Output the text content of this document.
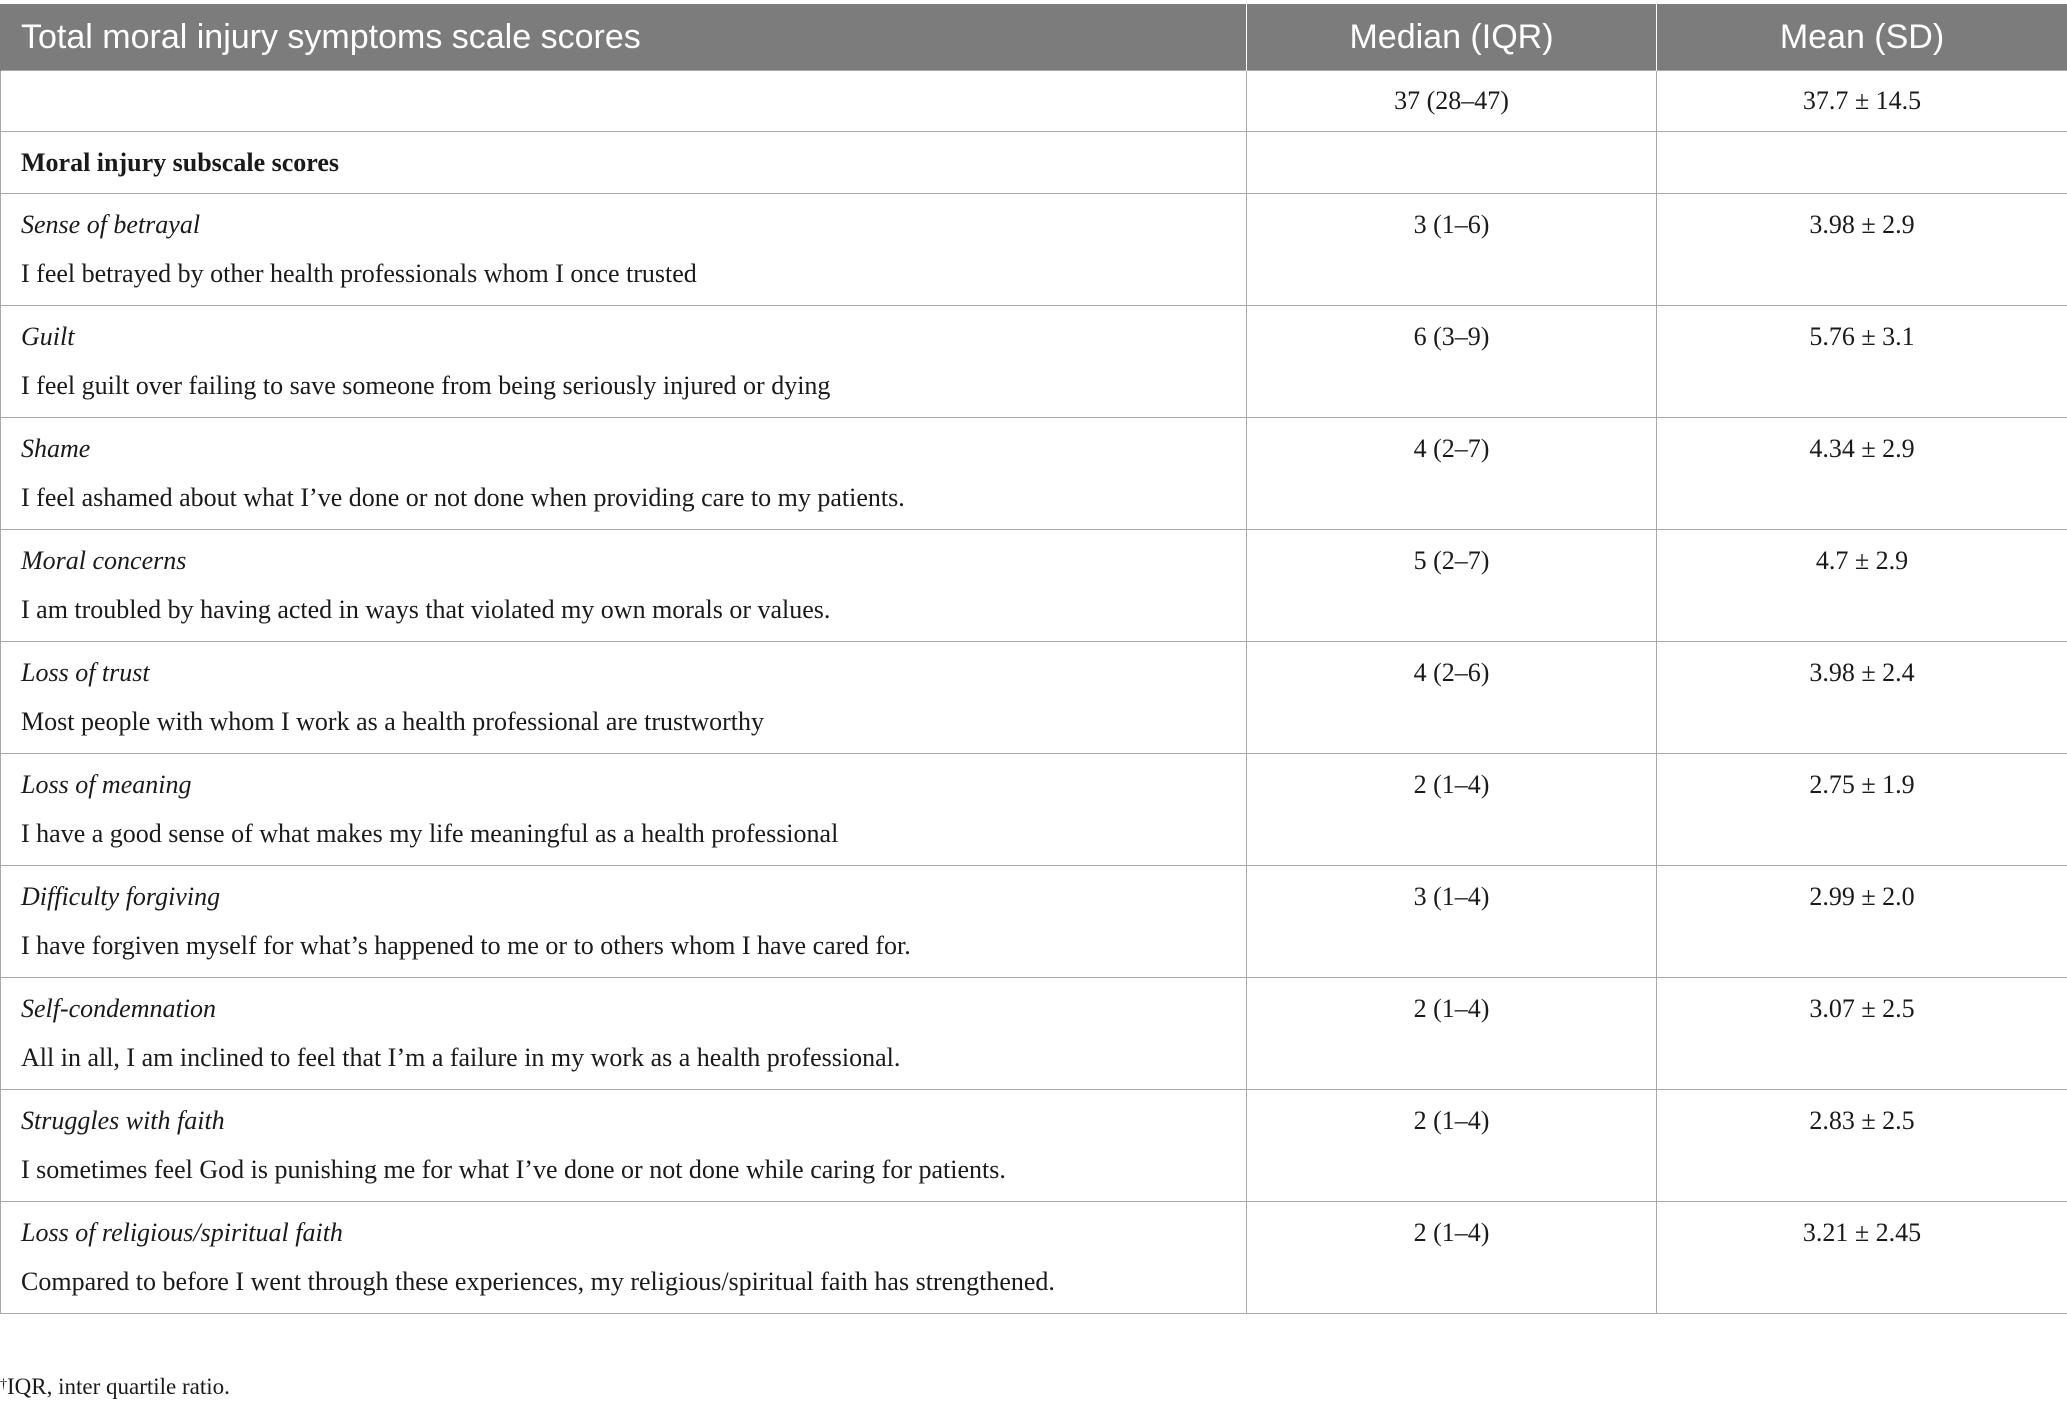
Total moral injury symptoms scale scores	Median (IQR)	Mean (SD)
	37 (28–47)	37.7 ± 14.5
Moral injury subscale scores		

Sense of betrayal
I feel betrayed by other health professionals whom I once trusted	3 (1–6)	3.98 ± 2.9

Guilt
I feel guilt over failing to save someone from being seriously injured or dying	6 (3–9)	5.76 ± 3.1

Shame
I feel ashamed about what I’ve done or not done when providing care to my patients.	4 (2–7)	4.34 ± 2.9

Moral concerns
I am troubled by having acted in ways that violated my own morals or values.	5 (2–7)	4.7 ± 2.9

Loss of trust
Most people with whom I work as a health professional are trustworthy	4 (2–6)	3.98 ± 2.4

Loss of meaning
I have a good sense of what makes my life meaningful as a health professional	2 (1–4)	2.75 ± 1.9

Difficulty forgiving
I have forgiven myself for what’s happened to me or to others whom I have cared for.	3 (1–4)	2.99 ± 2.0

Self-condemnation
All in all, I am inclined to feel that I’m a failure in my work as a health professional.	2 (1–4)	3.07 ± 2.5

Struggles with faith
I sometimes feel God is punishing me for what I’ve done or not done while caring for patients.	2 (1–4)	2.83 ± 2.5

Loss of religious/spiritual faith
Compared to before I went through these experiences, my religious/spiritual faith has strengthened.	2 (1–4)	3.21 ± 2.45
†IQR, inter quartile ratio.
